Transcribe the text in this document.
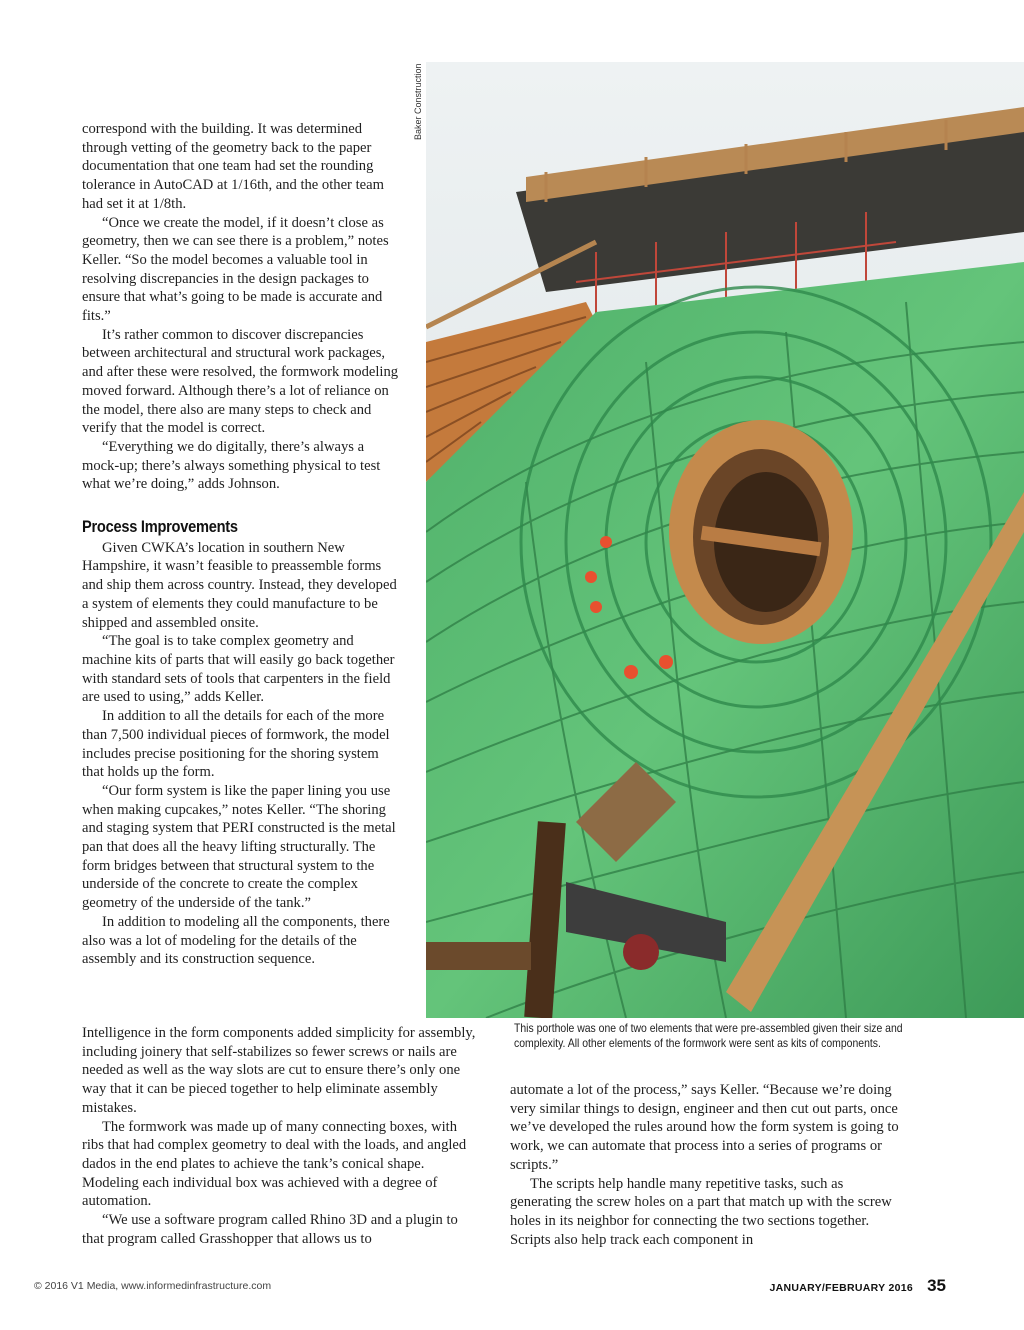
correspond with the building. It was determined through vetting of the geometry back to the paper documentation that one team had set the rounding tolerance in AutoCAD at 1/16th, and the other team had set it at 1/8th.

“Once we create the model, if it doesn’t close as geometry, then we can see there is a problem,” notes Keller. “So the model becomes a valuable tool in resolving discrepancies in the design packages to ensure that what’s going to be made is accurate and fits.”

It’s rather common to discover discrepancies between architectural and structural work packages, and after these were resolved, the formwork modeling moved forward. Although there’s a lot of reliance on the model, there also are many steps to check and verify that the model is correct.

“Everything we do digitally, there’s always a mock-up; there’s always something physical to test what we’re doing,” adds Johnson.

Process Improvements

Given CWKA’s location in southern New Hampshire, it wasn’t feasible to preassemble forms and ship them across country. Instead, they developed a system of elements they could manufacture to be shipped and assembled onsite.

“The goal is to take complex geometry and machine kits of parts that will easily go back together with standard sets of tools that carpenters in the field are used to using,” adds Keller.

In addition to all the details for each of the more than 7,500 individual pieces of formwork, the model includes precise positioning for the shoring system that holds up the form.

“Our form system is like the paper lining you use when making cupcakes,” notes Keller. “The shoring and staging system that PERI constructed is the metal pan that does all the heavy lifting structurally. The form bridges between that structural system to the underside of the concrete to create the complex geometry of the underside of the tank.”

In addition to modeling all the components, there also was a lot of modeling for the details of the assembly and its construction sequence.

Intelligence in the form components added simplicity for assembly, including joinery that self-stabilizes so fewer screws or nails are needed as well as the way slots are cut to ensure there’s only one way that it can be pieced together to help eliminate assembly mistakes.

The formwork was made up of many connecting boxes, with ribs that had complex geometry to deal with the loads, and angled dados in the end plates to achieve the tank’s conical shape. Modeling each individual box was achieved with a degree of automation.

“We use a software program called Rhino 3D and a plugin to that program called Grasshopper that allows us to

automate a lot of the process,” says Keller. “Because we’re doing very similar things to design, engineer and then cut out parts, once we’ve developed the rules around how the form system is going to work, we can automate that process into a series of programs or scripts.”

The scripts help handle many repetitive tasks, such as generating the screw holes on a part that match up with the screw holes in its neighbor for connecting the two sections together. Scripts also help track each component in

Baker Construction
This porthole was one of two elements that were pre-assembled given their size and complexity. All other elements of the formwork were sent as kits of components.
© 2016 V1 Media, www.informedinfrastructure.com	JANUARY/FEBRUARY 2016 35
